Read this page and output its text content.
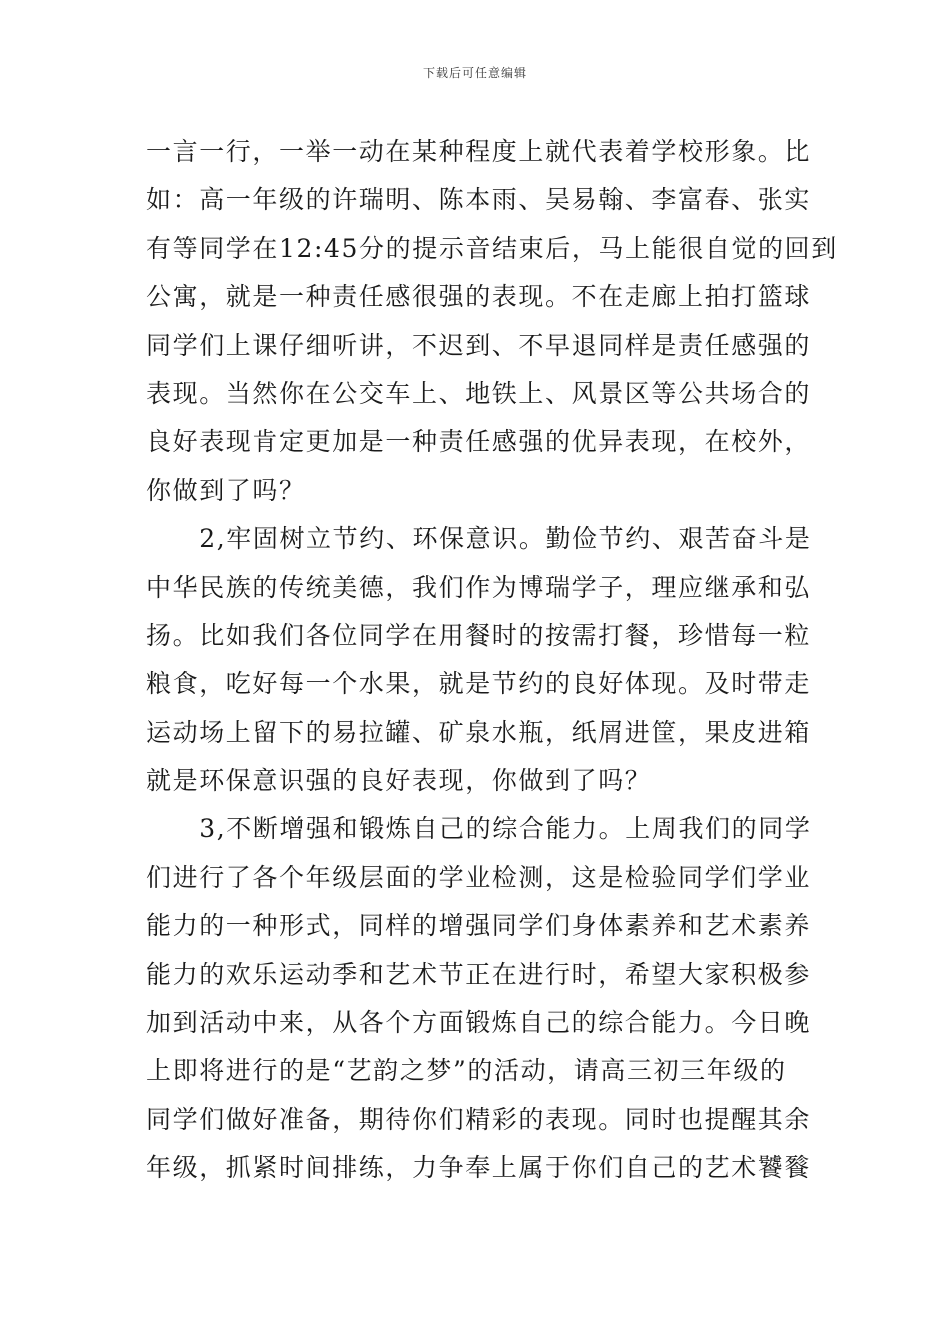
下载后可任意编辑
一言一行，一举一动在某种程度上就代表着学校形象。比
如：高一年级的许瑞明、陈本雨、吴易翰、李富春、张实
有等同学在12:45分的提示音结束后，马上能很自觉的回到
公寓，就是一种责任感很强的表现。不在走廊上拍打篮球
同学们上课仔细听讲，不迟到、不早退同样是责任感强的
表现。当然你在公交车上、地铁上、风景区等公共场合的
良好表现肯定更加是一种责任感强的优异表现，在校外，
你做到了吗？
　　2,牢固树立节约、环保意识。勤俭节约、艰苦奋斗是
中华民族的传统美德，我们作为博瑞学子，理应继承和弘
扬。比如我们各位同学在用餐时的按需打餐，珍惜每一粒
粮食，吃好每一个水果，就是节约的良好体现。及时带走
运动场上留下的易拉罐、矿泉水瓶，纸屑进筐，果皮进箱
就是环保意识强的良好表现，你做到了吗？
　　3,不断增强和锻炼自己的综合能力。上周我们的同学
们进行了各个年级层面的学业检测，这是检验同学们学业
能力的一种形式，同样的增强同学们身体素养和艺术素养
能力的欢乐运动季和艺术节正在进行时，希望大家积极参
加到活动中来，从各个方面锻炼自己的综合能力。今日晚
上即将进行的是“艺韵之梦”的活动，请高三初三年级的
同学们做好准备，期待你们精彩的表现。同时也提醒其余
年级，抓紧时间排练，力争奉上属于你们自己的艺术饕餮
